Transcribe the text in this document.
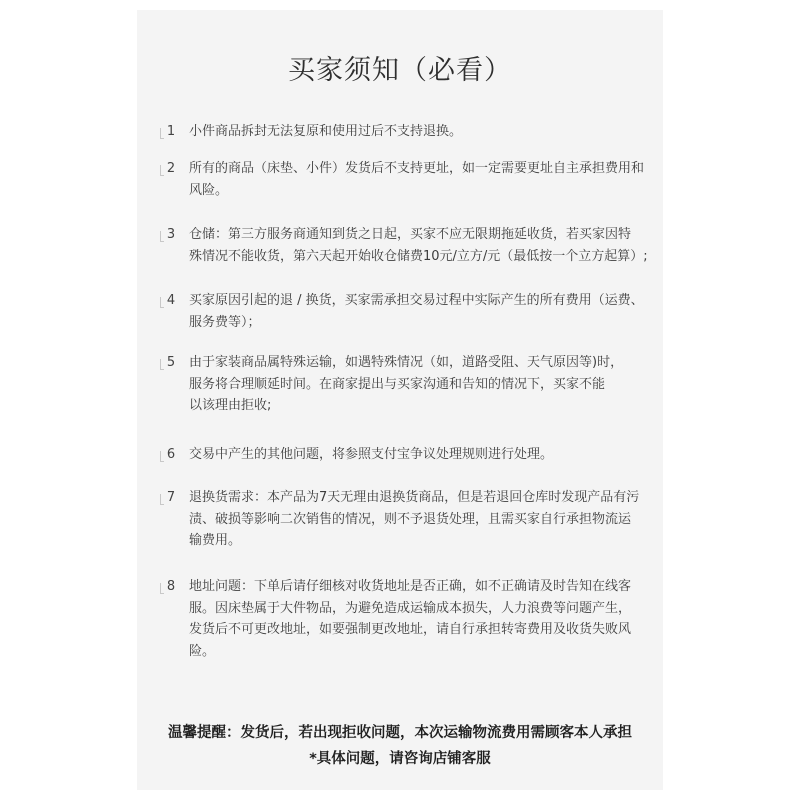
买家须知（必看）
1 小件商品拆封无法复原和使用过后不支持退换。
2 所有的商品（床垫、小件）发货后不支持更址，如一定需要更址自主承担费用和
风险。
3 仓储：第三方服务商通知到货之日起，买家不应无限期拖延收货，若买家因特
殊情况不能收货，第六天起开始收仓储费10元/立方/元（最低按一个立方起算）;
4 买家原因引起的退 / 换货，买家需承担交易过程中实际产生的所有费用（运费、
服务费等）；
5 由于家装商品属特殊运输，如遇特殊情况（如，道路受阻、天气原因等)时，
服务将合理顺延时间。在商家提出与买家沟通和告知的情况下，买家不能
以该理由拒收;
6 交易中产生的其他问题，将参照支付宝争议处理规则进行处理。
7 退换货需求：本产品为7天无理由退换货商品，但是若退回仓库时发现产品有污
渍、破损等影响二次销售的情况，则不予退货处理，且需买家自行承担物流运
输费用。
8 地址问题：下单后请仔细核对收货地址是否正确，如不正确请及时告知在线客
服。因床垫属于大件物品，为避免造成运输成本损失，人力浪费等问题产生，
发货后不可更改地址，如要强制更改地址，请自行承担转寄费用及收货失败风
险。
温馨提醒：发货后，若出现拒收问题，本次运输物流费用需顾客本人承担
*具体问题，请咨询店铺客服
